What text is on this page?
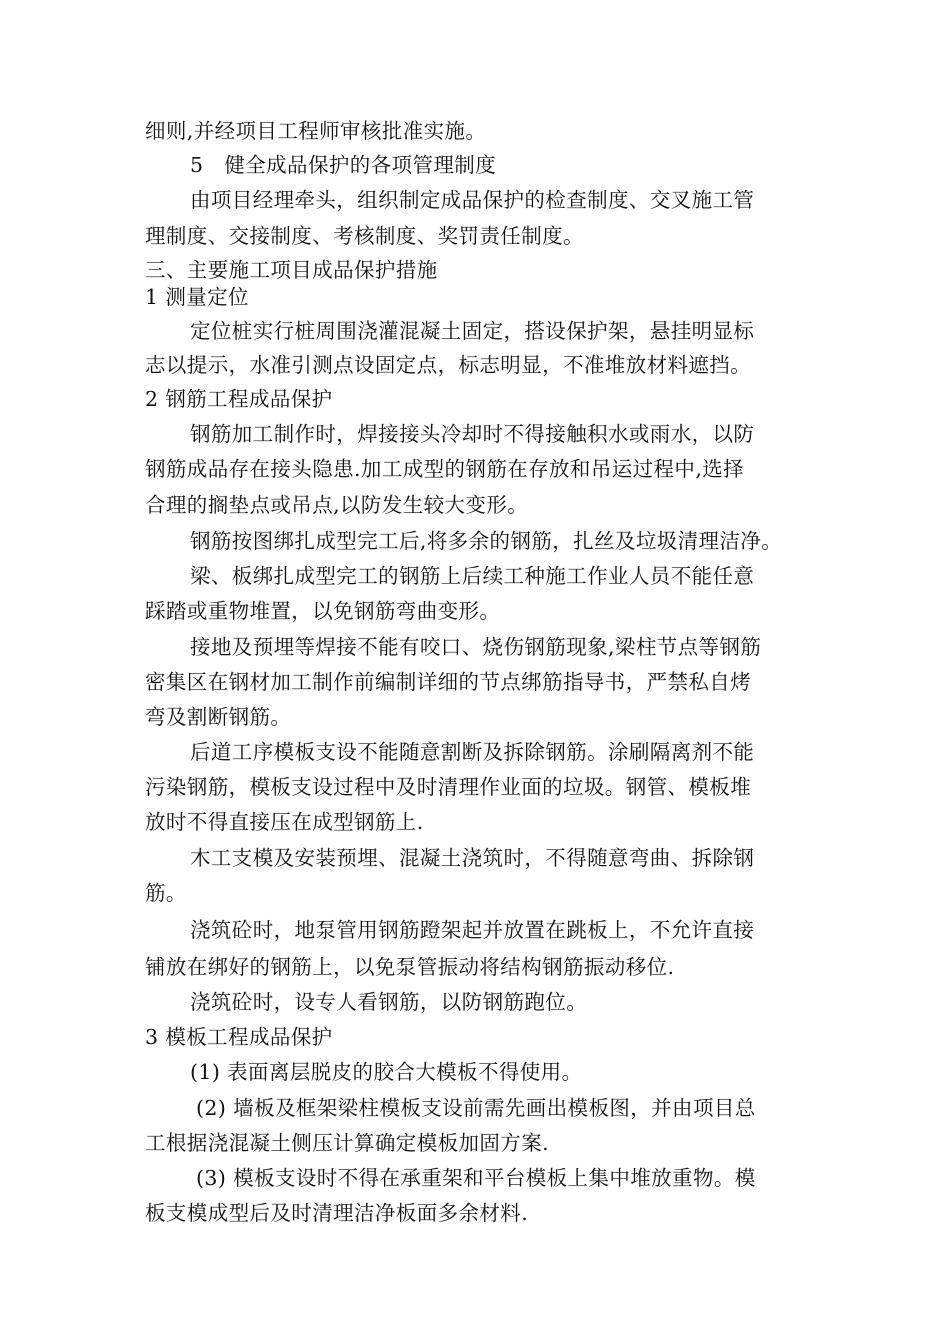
细则,并经项目工程师审核批准实施。
5　健全成品保护的各项管理制度
由项目经理牵头，组织制定成品保护的检查制度、交叉施工管
理制度、交接制度、考核制度、奖罚责任制度。
三、主要施工项目成品保护措施
1 测量定位
定位桩实行桩周围浇灌混凝土固定，搭设保护架，悬挂明显标
志以提示，水准引测点设固定点，标志明显，不准堆放材料遮挡。
2 钢筋工程成品保护
钢筋加工制作时，焊接接头冷却时不得接触积水或雨水，以防
钢筋成品存在接头隐患.加工成型的钢筋在存放和吊运过程中,选择
合理的搁垫点或吊点,以防发生较大变形。
钢筋按图绑扎成型完工后,将多余的钢筋，扎丝及垃圾清理洁净。
梁、板绑扎成型完工的钢筋上后续工种施工作业人员不能任意
踩踏或重物堆置，以免钢筋弯曲变形。
接地及预埋等焊接不能有咬口、烧伤钢筋现象,梁柱节点等钢筋
密集区在钢材加工制作前编制详细的节点绑筋指导书，严禁私自烤
弯及割断钢筋。
后道工序模板支设不能随意割断及拆除钢筋。涂刷隔离剂不能
污染钢筋，模板支设过程中及时清理作业面的垃圾。钢管、模板堆
放时不得直接压在成型钢筋上.
木工支模及安装预埋、混凝土浇筑时，不得随意弯曲、拆除钢
筋。
浇筑砼时，地泵管用钢筋蹬架起并放置在跳板上，不允许直接
铺放在绑好的钢筋上，以免泵管振动将结构钢筋振动移位.
浇筑砼时，设专人看钢筋，以防钢筋跑位。
3 模板工程成品保护
(1) 表面离层脱皮的胶合大模板不得使用。
(2) 墙板及框架梁柱模板支设前需先画出模板图，并由项目总
工根据浇混凝土侧压计算确定模板加固方案.
(3) 模板支设时不得在承重架和平台模板上集中堆放重物。模
板支模成型后及时清理洁净板面多余材料.
